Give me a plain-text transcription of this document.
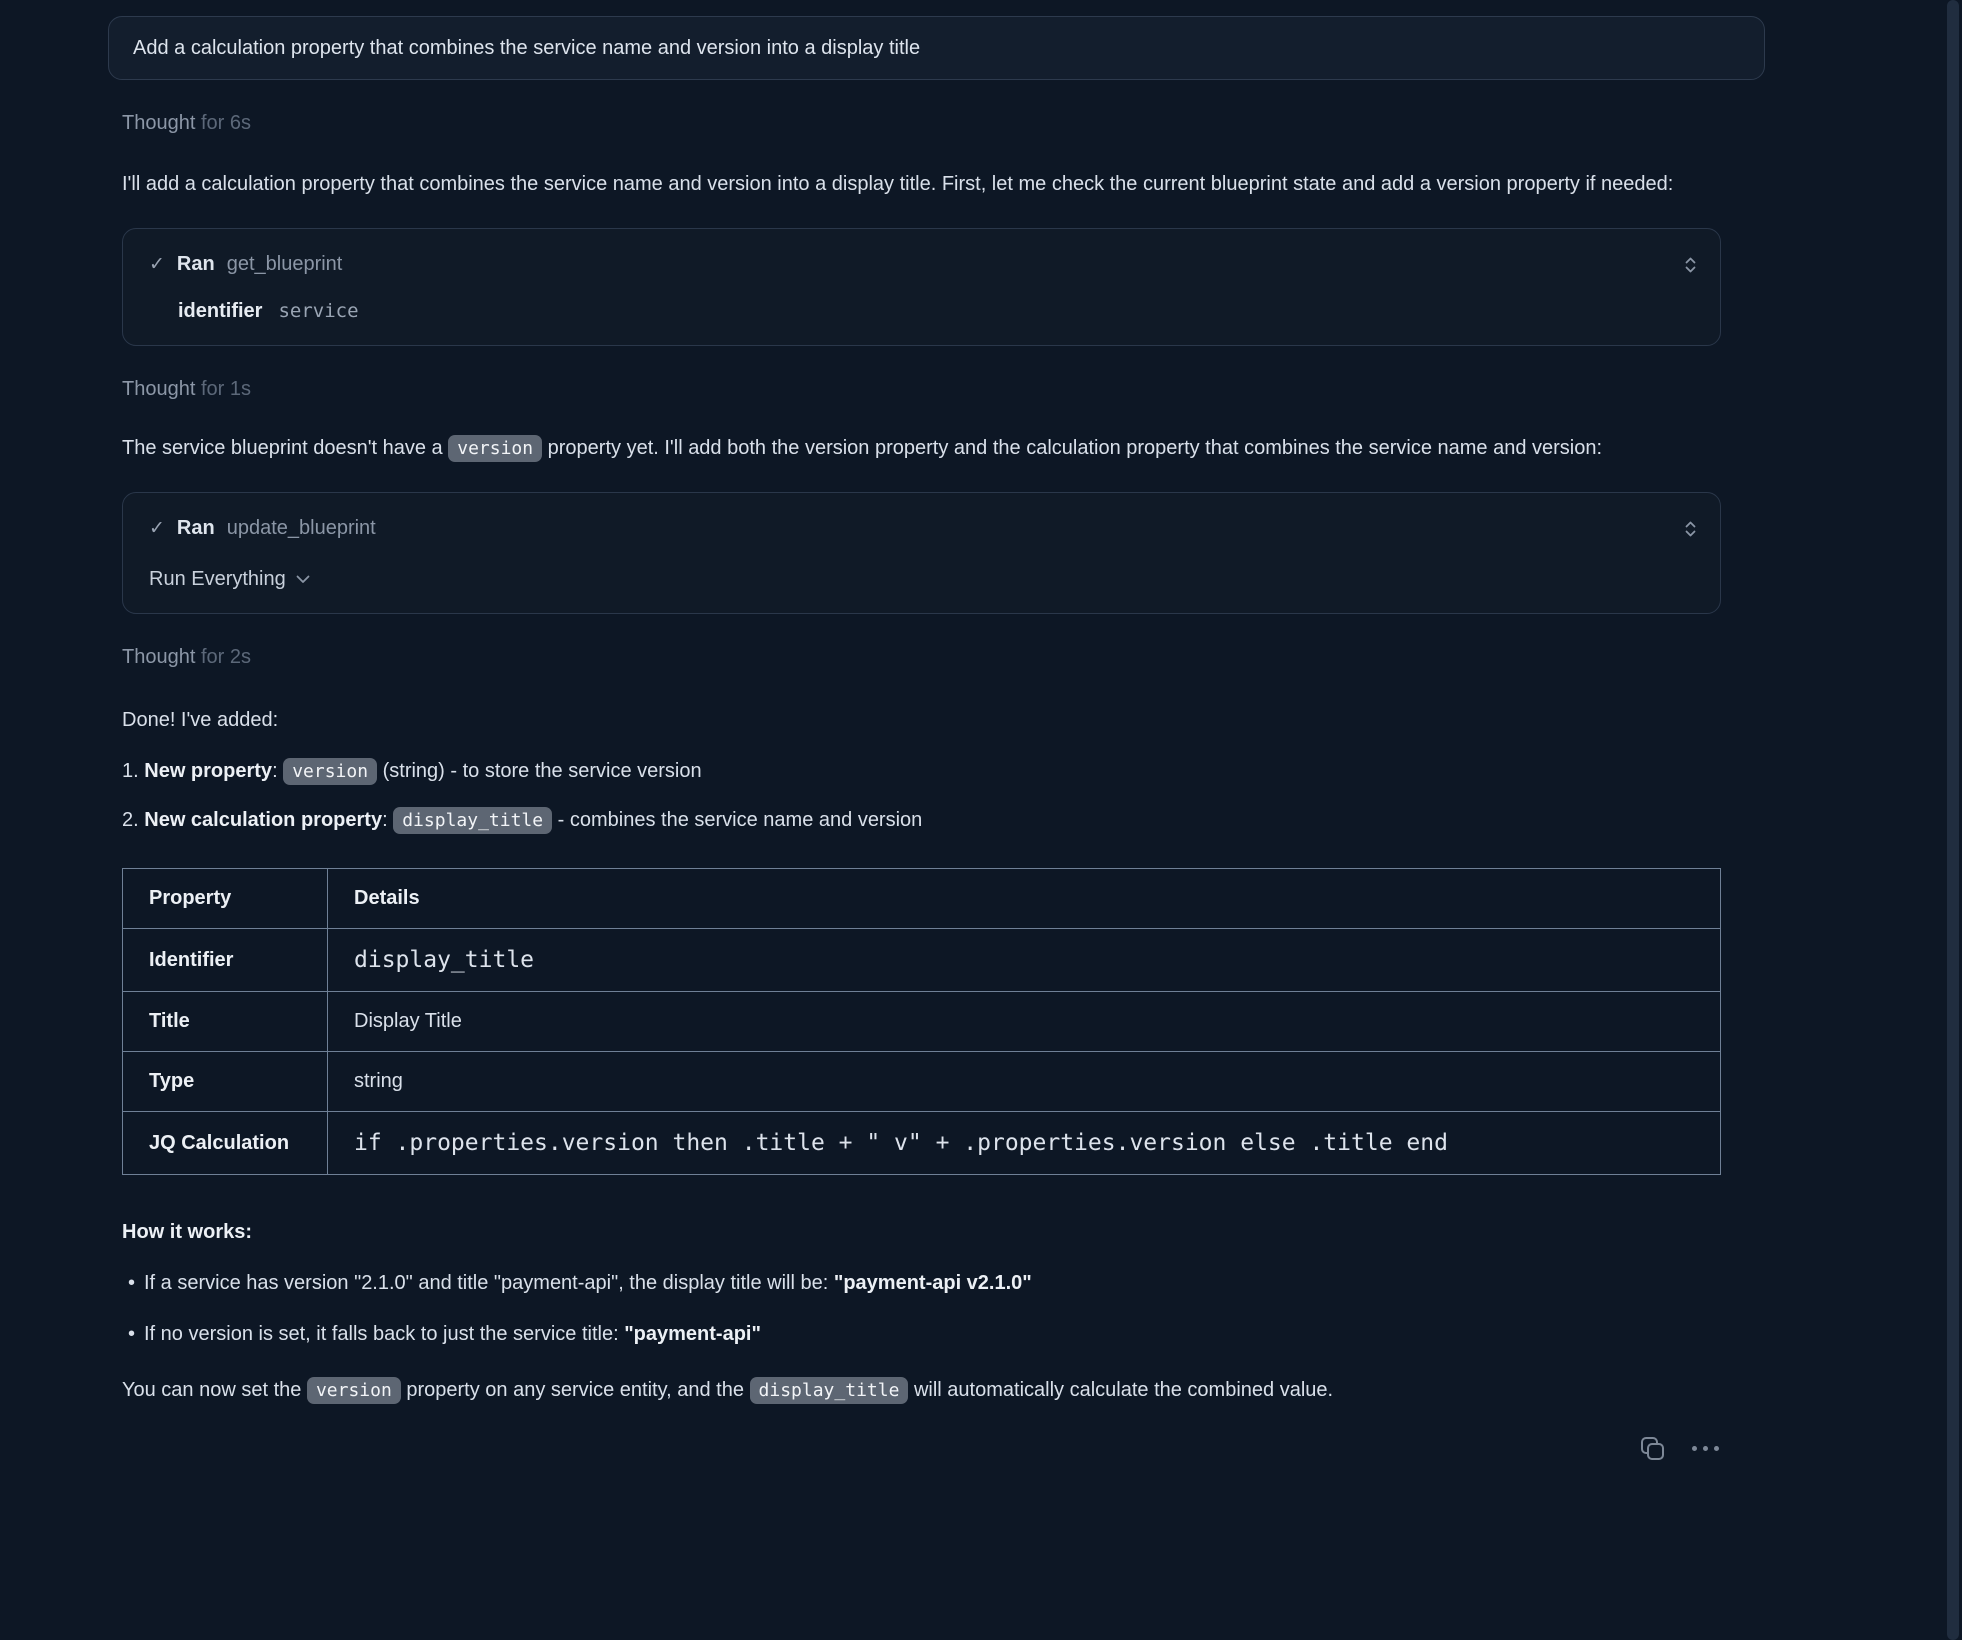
Add a calculation property that combines the service name and version into a display title
Thought for 6s

I'll add a calculation property that combines the service name and version into a display title. First, let me check the current blueprint state and add a version property if needed:

✓ Ran get_blueprint
identifier service
Thought for 1s

The service blueprint doesn't have a version property yet. I'll add both the version property and the calculation property that combines the service name and version:

✓ Ran update_blueprint
Run Everything
Thought for 2s

Done! I've added:

1. New property: version (string) - to store the service version
2. New calculation property: display_title - combines the service name and version
Property	Details
Identifier	display_title
Title	Display Title
Type	string
JQ Calculation	if .properties.version then .title + " v" + .properties.version else .title end
How it works:
• If a service has version "2.1.0" and title "payment-api", the display title will be: "payment-api v2.1.0"
• If no version is set, it falls back to just the service title: "payment-api"

You can now set the version property on any service entity, and the display_title will automatically calculate the combined value.
